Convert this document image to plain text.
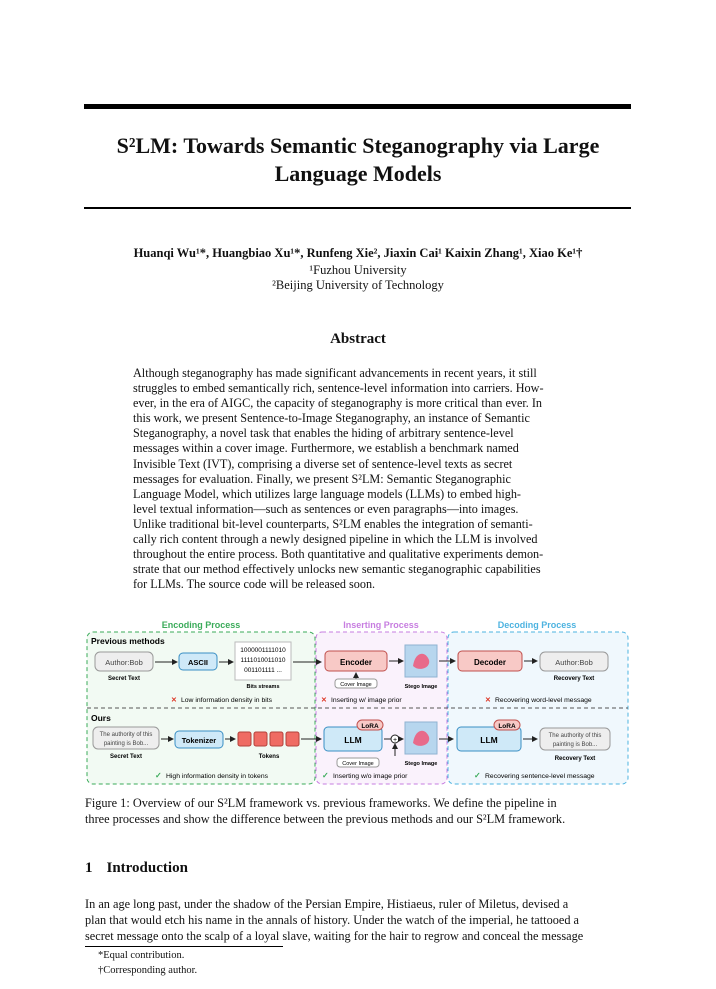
S²LM: Towards Semantic Steganography via Large
Language Models
Huanqi Wu¹*, Huangbiao Xu¹*, Runfeng Xie², Jiaxin Cai¹ Kaixin Zhang¹, Xiao Ke¹†
¹Fuzhou University
²Beijing University of Technology
Abstract
Although steganography has made significant advancements in recent years, it still
struggles to embed semantically rich, sentence-level information into carriers. How-
ever, in the era of AIGC, the capacity of steganography is more critical than ever. In
this work, we present Sentence-to-Image Steganography, an instance of Semantic
Steganography, a novel task that enables the hiding of arbitrary sentence-level
messages within a cover image. Furthermore, we establish a benchmark named
Invisible Text (IVT), comprising a diverse set of sentence-level texts as secret
messages for evaluation. Finally, we present S²LM: Semantic Steganographic
Language Model, which utilizes large language models (LLMs) to embed high-
level textual information—such as sentences or even paragraphs—into images.
Unlike traditional bit-level counterparts, S²LM enables the integration of semanti-
cally rich content through a newly designed pipeline in which the LLM is involved
throughout the entire process. Both quantitative and qualitative experiments demon-
strate that our method effectively unlocks new semantic steganographic capabilities
for LLMs. The source code will be released soon.
Encoding Process	Inserting Process	Decoding Process
Previous methods
Ours
Author:Bob
Secret Text
ASCII
1000001111010
1111010011010
001101111 ...
Bits streams
Encoder
Cover Image	Stego Image
Decoder	Author:Bob
Recovery Text
✕ Low information density in bits	✕ Inserting w/ image prior	✕ Recovering word-level message
The authority of this
painting is Bob...
Secret Text
Tokenizer
Tokens
LLM
LoRA
+
Cover Image	Stego Image
LLM
LoRA
The authority of this
painting is Bob...
Recovery Text
✓ High information density in tokens	✓ Inserting w/o image prior	✓ Recovering sentence-level message
Figure 1: Overview of our S²LM framework vs. previous frameworks. We define the pipeline in
three processes and show the difference between the previous methods and our S²LM framework.
1 Introduction
In an age long past, under the shadow of the Persian Empire, Histiaeus, ruler of Miletus, devised a
plan that would etch his name in the annals of history. Under the watch of the imperial, he tattooed a
secret message onto the scalp of a loyal slave, waiting for the hair to regrow and conceal the message
*Equal contribution.
†Corresponding author.
